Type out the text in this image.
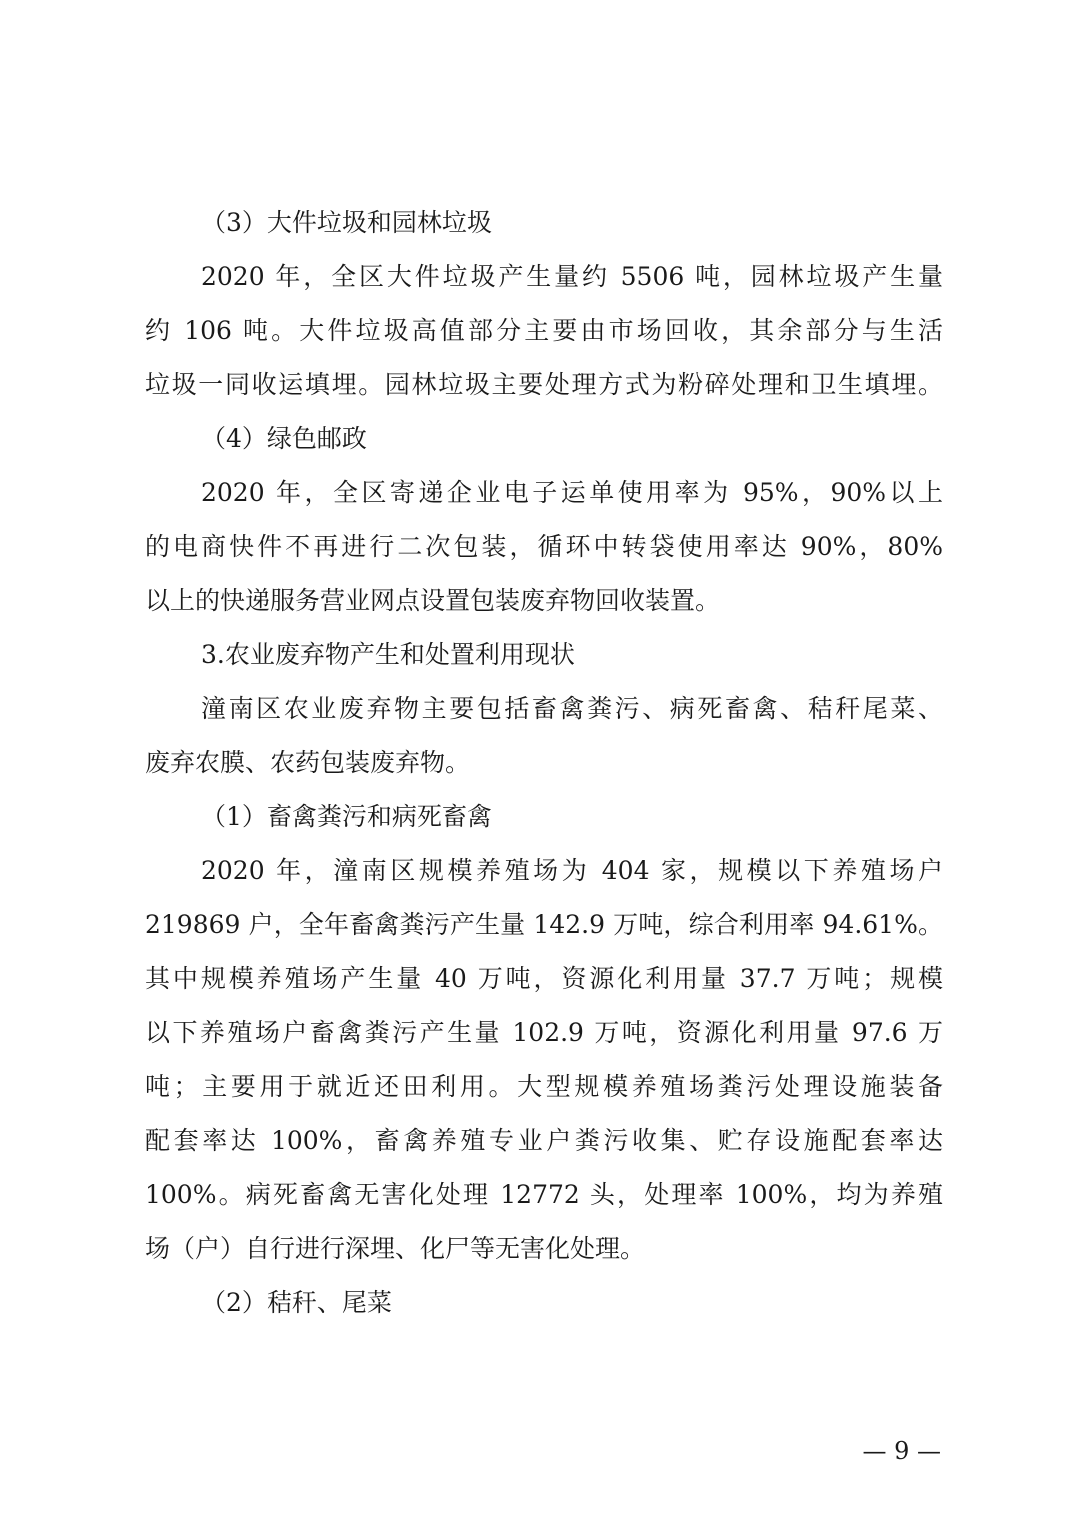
（3）大件垃圾和园林垃圾
2020 年，全区大件垃圾产生量约 5506 吨，园林垃圾产生量
约 106 吨。大件垃圾高值部分主要由市场回收，其余部分与生活
垃圾一同收运填埋。园林垃圾主要处理方式为粉碎处理和卫生填埋。
（4）绿色邮政
2020 年，全区寄递企业电子运单使用率为 95%，90%以上
的电商快件不再进行二次包装，循环中转袋使用率达 90%，80%
以上的快递服务营业网点设置包装废弃物回收装置。
3.农业废弃物产生和处置利用现状
潼南区农业废弃物主要包括畜禽粪污、病死畜禽、秸秆尾菜、
废弃农膜、农药包装废弃物。
（1）畜禽粪污和病死畜禽
2020 年，潼南区规模养殖场为 404 家，规模以下养殖场户
219869 户，全年畜禽粪污产生量 142.9 万吨，综合利用率 94.61%。
其中规模养殖场产生量 40 万吨，资源化利用量 37.7 万吨；规模
以下养殖场户畜禽粪污产生量 102.9 万吨，资源化利用量 97.6 万
吨；主要用于就近还田利用。大型规模养殖场粪污处理设施装备
配套率达 100%，畜禽养殖专业户粪污收集、贮存设施配套率达
100%。病死畜禽无害化处理 12772 头，处理率 100%，均为养殖
场（户）自行进行深埋、化尸等无害化处理。
（2）秸秆、尾菜
— 9 —
